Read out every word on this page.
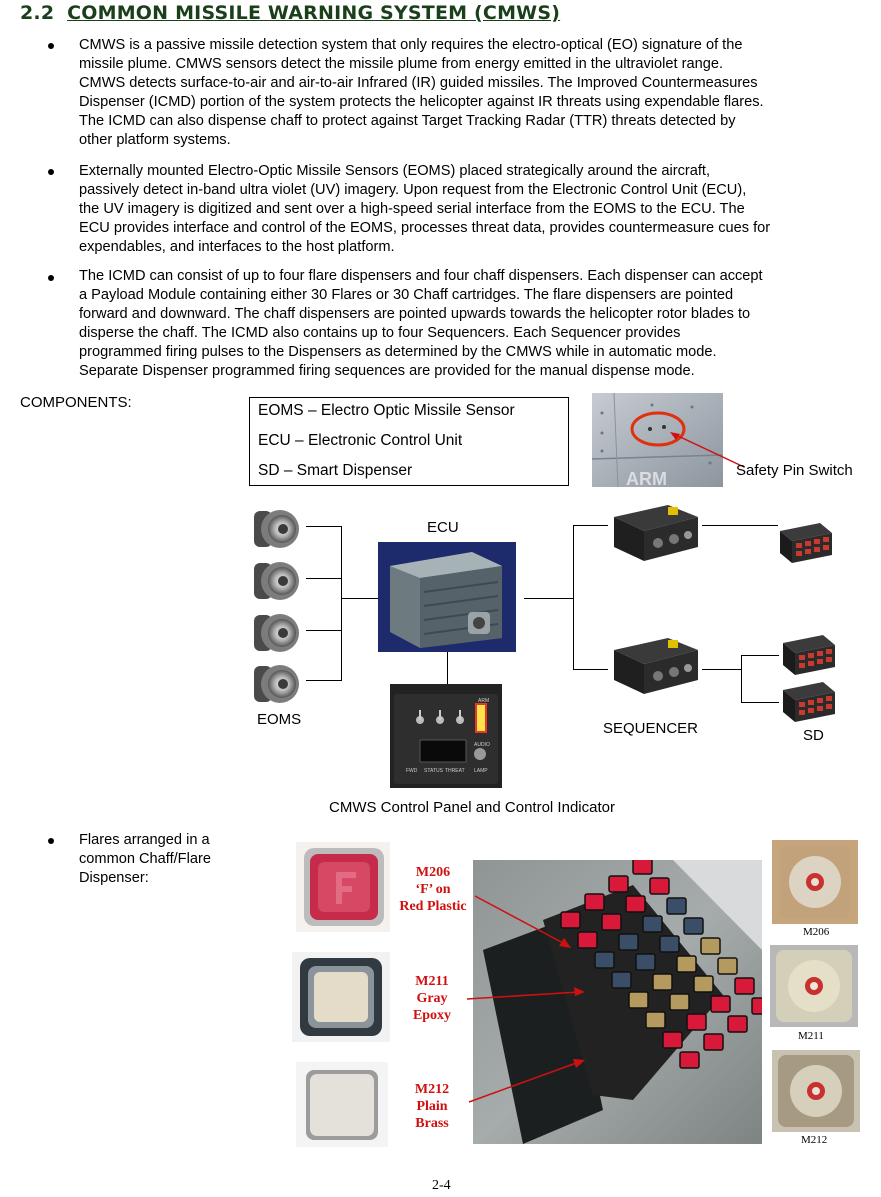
2.2 COMMON MISSILE WARNING SYSTEM (CMWS)
CMWS is a passive missile detection system that only requires the electro-optical (EO) signature of the
missile plume. CMWS sensors detect the missile plume from energy emitted in the ultraviolet range.
CMWS detects surface-to-air and air-to-air Infrared (IR) guided missiles. The Improved Countermeasures
Dispenser (ICMD) portion of the system protects the helicopter against IR threats using expendable flares.
The ICMD can also dispense chaff to protect against Target Tracking Radar (TTR) threats detected by
other platform systems.
Externally mounted Electro-Optic Missile Sensors (EOMS) placed strategically around the aircraft,
passively detect in-band ultra violet (UV) imagery. Upon request from the Electronic Control Unit (ECU),
the UV imagery is digitized and sent over a high-speed serial interface from the EOMS to the ECU. The
ECU provides interface and control of the EOMS, processes threat data, provides countermeasure cues for
expendables, and interfaces to the host platform.
The ICMD can consist of up to four flare dispensers and four chaff dispensers. Each dispenser can accept
a Payload Module containing either 30 Flares or 30 Chaff cartridges. The flare dispensers are pointed
forward and downward. The chaff dispensers are pointed upwards towards the helicopter rotor blades to
disperse the chaff. The ICMD also contains up to four Sequencers. Each Sequencer provides
programmed firing pulses to the Dispensers as determined by the CMWS while in automatic mode.
Separate Dispenser programmed firing sequences are provided for the manual dispense mode.
COMPONENTS:	EOMS – Electro Optic Missile Sensor
ECU – Electronic Control Unit
SD – Smart Dispenser	ARM	Safety Pin Switch
EOMS
ECU
SEQUENCER	SD
FWD STATUS THREAT LAMP
AUDIO
ARM
CMWS Control Panel and Control Indicator
Flares arranged in a
common Chaff/Flare
Dispenser:	M206
‘F’ on
Red Plastic
M211
Gray
Epoxy
M212
Plain
Brass
M206
M211
M212
2-4
